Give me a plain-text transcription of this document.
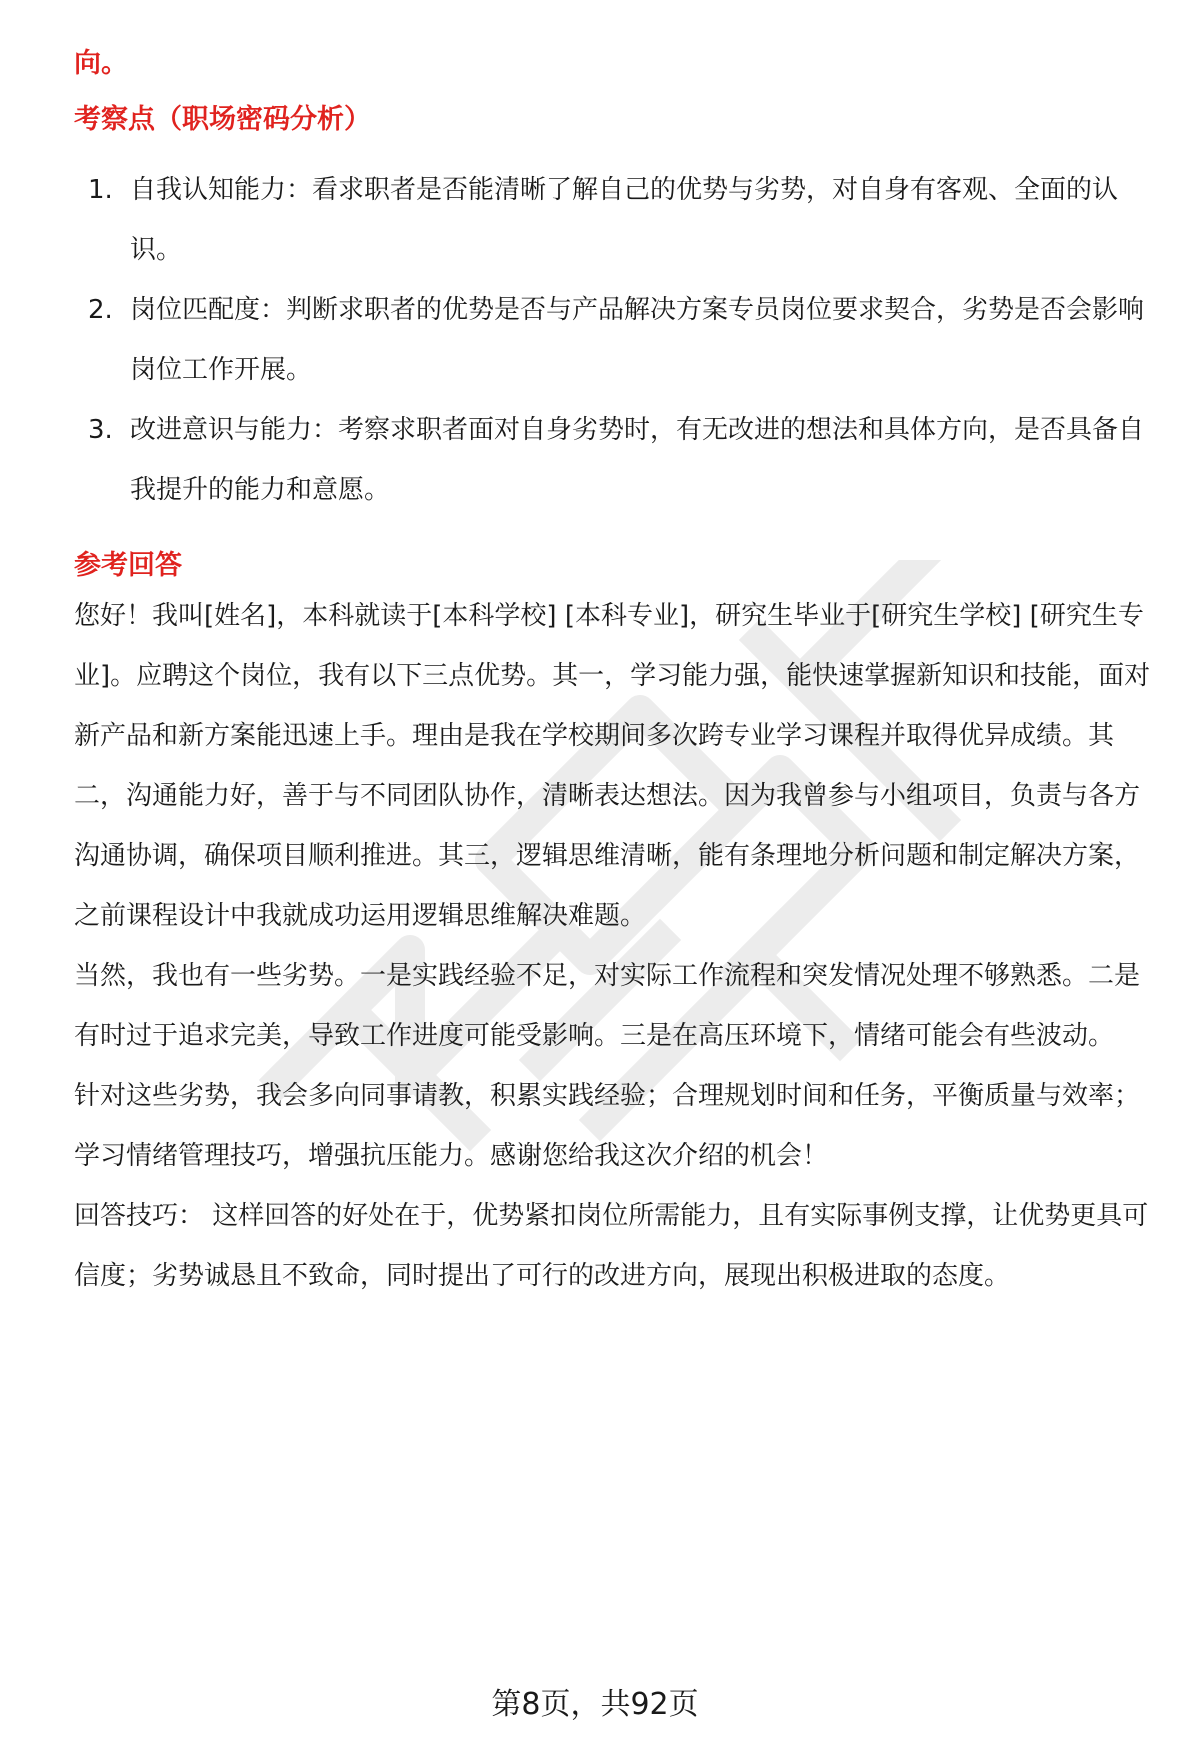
向。
考察点（职场密码分析）
1. 自我认知能力：看求职者是否能清晰了解自己的优势与劣势，对自身有客观、全面的认识。
2. 岗位匹配度：判断求职者的优势是否与产品解决方案专员岗位要求契合，劣势是否会影响岗位工作开展。
3. 改进意识与能力：考察求职者面对自身劣势时，有无改进的想法和具体方向，是否具备自我提升的能力和意愿。
参考回答

您好！我叫[姓名]，本科就读于[本科学校] [本科专业]，研究生毕业于[研究生学校] [研究生专业]。应聘这个岗位，我有以下三点优势。其一，学习能力强，能快速掌握新知识和技能，面对新产品和新方案能迅速上手。理由是我在学校期间多次跨专业学习课程并取得优异成绩。其二，沟通能力好，善于与不同团队协作，清晰表达想法。因为我曾参与小组项目，负责与各方沟通协调，确保项目顺利推进。其三，逻辑思维清晰，能有条理地分析问题和制定解决方案，之前课程设计中我就成功运用逻辑思维解决难题。

当然，我也有一些劣势。一是实践经验不足，对实际工作流程和突发情况处理不够熟悉。二是有时过于追求完美，导致工作进度可能受影响。三是在高压环境下，情绪可能会有些波动。

针对这些劣势，我会多向同事请教，积累实践经验；合理规划时间和任务，平衡质量与效率；学习情绪管理技巧，增强抗压能力。感谢您给我这次介绍的机会！

回答技巧： 这样回答的好处在于，优势紧扣岗位所需能力，且有实际事例支撑，让优势更具可信度；劣势诚恳且不致命，同时提出了可行的改进方向，展现出积极进取的态度。

第8页，共92页
